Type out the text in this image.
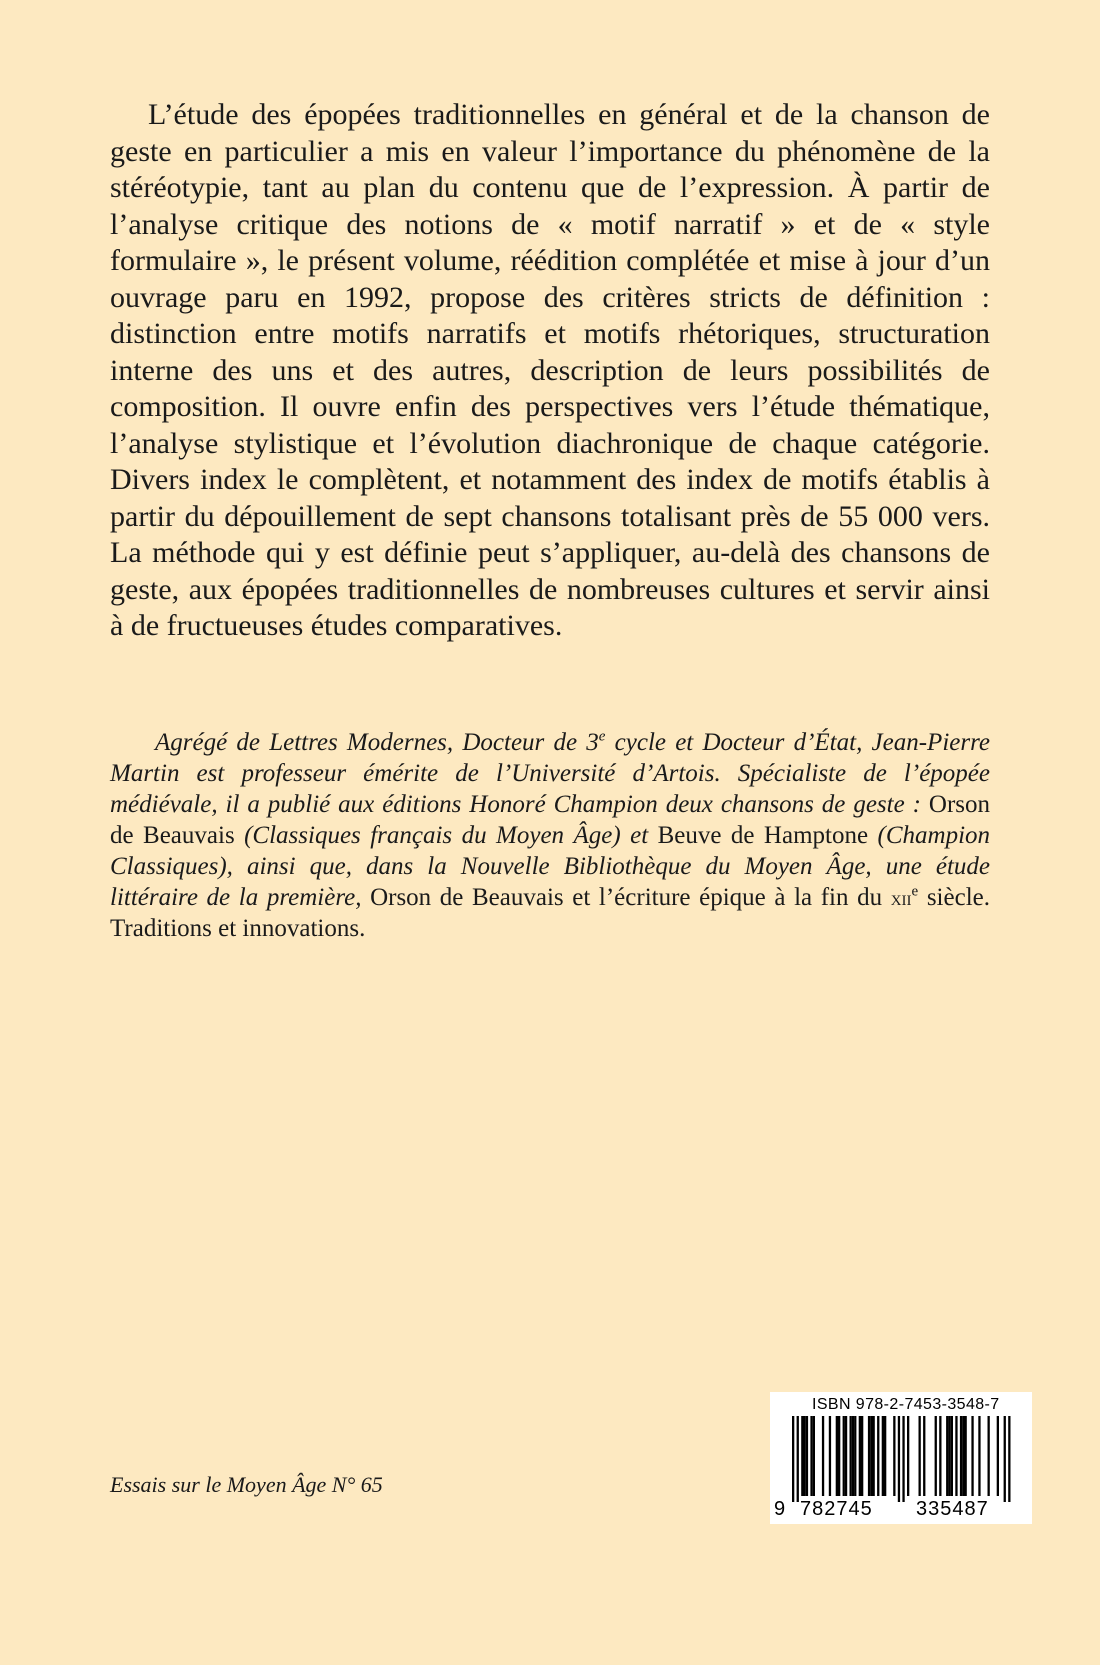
L’étude des épopées traditionnelles en général et de la chanson de geste en particulier a mis en valeur l’importance du phénomène de la stéréotypie, tant au plan du contenu que de l’expression. À partir de l’analyse critique des notions de « motif narratif » et de « style formulaire », le présent volume, réédition complétée et mise à jour d’un ouvrage paru en 1992, propose des critères stricts de définition : distinction entre motifs narratifs et motifs rhétoriques, structuration interne des uns et des autres, description de leurs possibilités de composition. Il ouvre enfin des perspectives vers l’étude thématique, l’analyse stylistique et l’évolution diachronique de chaque catégorie. Divers index le complètent, et notamment des index de motifs établis à partir du dépouillement de sept chansons totalisant près de 55 000 vers. La méthode qui y est définie peut s’appliquer, au-delà des chansons de geste, aux épopées traditionnelles de nombreuses cultures et servir ainsi à de fructueuses études comparatives.

Agrégé de Lettres Modernes, Docteur de 3e cycle et Docteur d’État, Jean-Pierre Martin est professeur émérite de l’Université d’Artois. Spécialiste de l’épopée médiévale, il a publié aux éditions Honoré Champion deux chansons de geste : Orson de Beauvais (Classiques français du Moyen Âge) et Beuve de Hamptone (Champion Classiques), ainsi que, dans la Nouvelle Bibliothèque du Moyen Âge, une étude littéraire de la première, Orson de Beauvais et l’écriture épique à la fin du xii$^e$ siècle. Traditions et innovations.

Essais sur le Moyen Âge N° 65

ISBN 978-2-7453-3548-7
9 782745 335487
